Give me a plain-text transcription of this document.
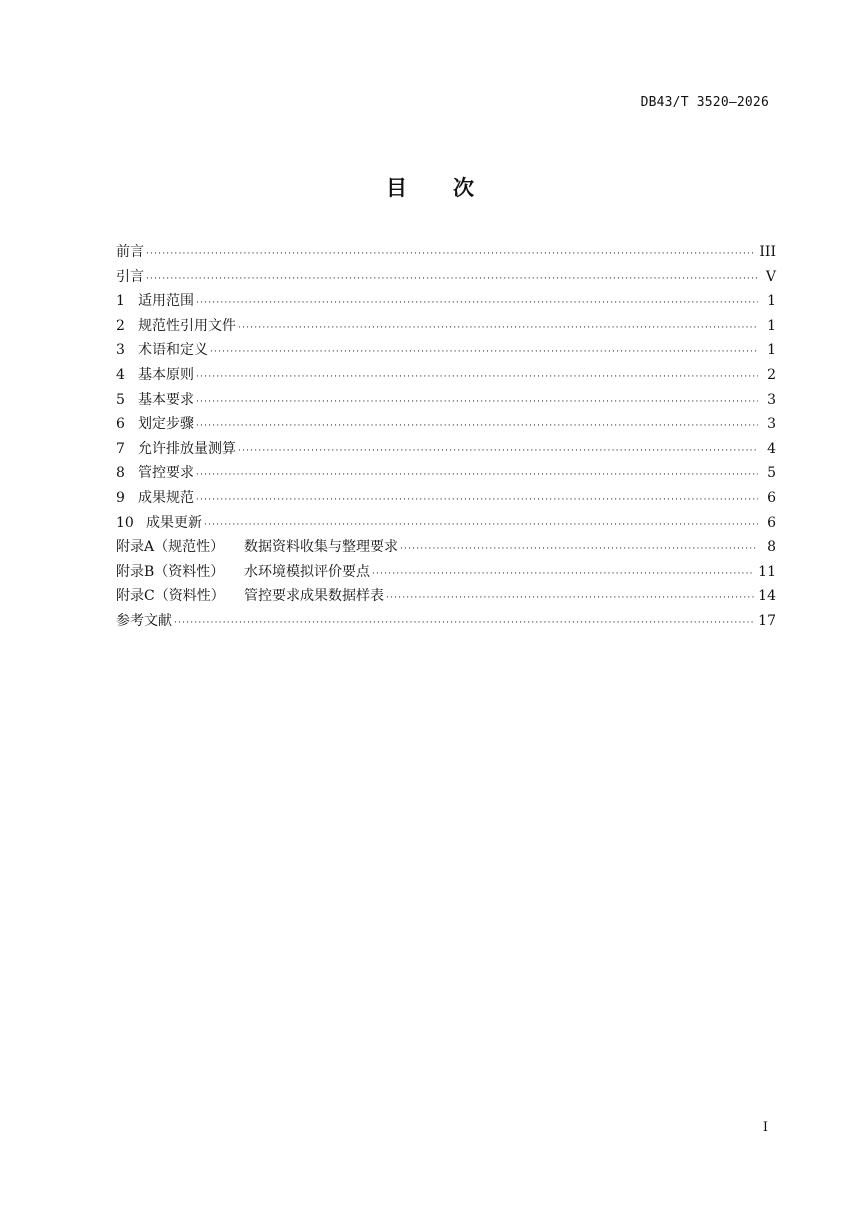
DB43/T 3520—2026
目次
前言 ·····	III
引言 ·····	V
1 适用范围 ·····	1
2 规范性引用文件 ·····	1
3 术语和定义 ·····	1
4 基本原则 ·····	2
5 基本要求 ·····	3
6 划定步骤 ·····	3
7 允许排放量测算 ·····	4
8 管控要求 ·····	5
9 成果规范 ·····	6
10 成果更新 ·····	6
附录A（规范性） 数据资料收集与整理要求 ·····	8
附录B（资料性） 水环境模拟评价要点 ·····	11
附录C（资料性） 管控要求成果数据样表 ·····	14
参考文献 ·····	17
I
